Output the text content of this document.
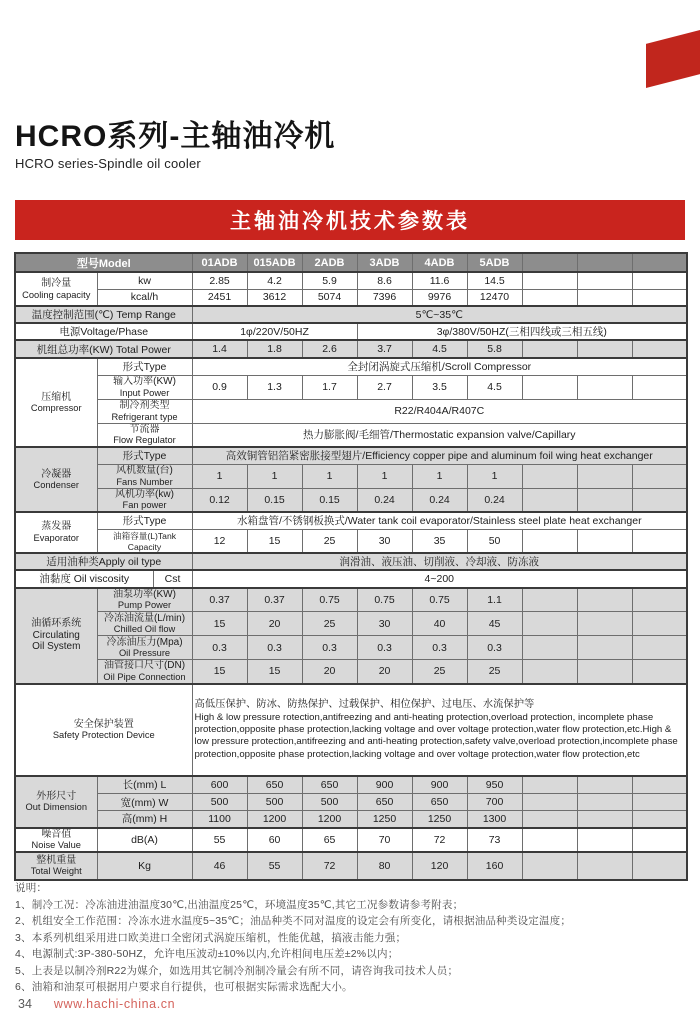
HCRO系列-主轴油冷机
HCRO series-Spindle oil cooler
主轴油冷机技术参数表
型号Model			01ADB	015ADB	2ADB	3ADB	4ADB	5ADB			

制冷量
Cooling capacity	kw		2.85	4.2	5.9	8.6	11.6	14.5			
	kcal/h		2451	3612	5074	7396	9976	12470			
温度控制范围(℃) Temp Range			5℃~35℃								
电源Voltage/Phase			1φ/220V/50HZ			3φ/380V/50HZ(三相四线或三相五线)					
机组总功率(KW) Total Power			1.4	1.8	2.6	3.7	4.5	5.8			

压缩机
Compressor	形式Type		全封闭涡旋式压缩机/Scroll Compressor								

	输入功率(KW)
Input Power		0.9	1.3	1.7	2.7	3.5	4.5			

	制冷剂类型
Refrigerant type		R22/R404A/R407C								

	节流器
Flow Regulator		热力膨胀阀/毛细管/Thermostatic expansion valve/Capillary								

冷凝器
Condenser	形式Type		高效铜管铝箔紧密胀接型翅片/Efficiency copper pipe and aluminum foil wing heat exchanger								

	风机数量(台)
Fans Number		1	1	1	1	1	1			

	风机功率(kw)
Fan power		0.12	0.15	0.15	0.24	0.24	0.24			

蒸发器
Evaporator	形式Type		水箱盘管/不锈钢板换式/Water tank coil evaporator/Stainless steel plate heat exchanger								
	油箱容量(L)Tank Capacity		12	15	25	30	35	50			
适用油种类Apply oil type			润滑油、液压油、切削液、冷却液、防冻液								
油黏度 Oil viscosity		Cst	4~200								

油循环系统
Circulating
Oil System	油泵功率(KW)
Pump Power		0.37	0.37	0.75	0.75	0.75	1.1			

	冷冻油流量(L/min)
Chilled Oil flow		15	20	25	30	40	45			

	冷冻油压力(Mpa)
Oil Pressure		0.3	0.3	0.3	0.3	0.3	0.3			

	油管接口尺寸(DN)
Oil Pipe Connection		15	15	20	20	25	25			

安全保护装置
Safety Protection Device			高低压保护、防冰、防热保护、过载保护、相位保护、过电压、水流保护等
High & low pressure rotection,antifreezing and anti-heating protection,overload protection, incomplete phase protection,opposite phase protection,lacking voltage and over voltage protection,water flow protection,etc.High & low pressure protection,antifreezing and anti-heating protection,safety valve,overload protection,incomplete phase protection,opposite phase protection,lacking voltage and over voltage protection,water flow protection,etc								

外形尺寸
Out Dimension	长(mm) L		600	650	650	900	900	950			
	宽(mm) W		500	500	500	650	650	700			
	高(mm) H		1100	1200	1200	1250	1250	1300			

噪音值
Noise Value	dB(A)		55	60	65	70	72	73			

整机重量
Total Weight	Kg		46	55	72	80	120	160			
说明：
1、制冷工况：冷冻油进油温度30℃,出油温度25℃，环境温度35℃,其它工况参数请参考附表；
2、机组安全工作范围：冷冻水进水温度5~35℃；油品种类不同对温度的设定会有所变化，请根据油品种类设定温度；
3、本系列机组采用进口欧美进口全密闭式涡旋压缩机，性能优越，搞液击能力强；
4、电源制式:3P-380-50HZ，允许电压波动±10%以内,允许相间电压差±2%以内；
5、上表是以制冷剂R22为媒介，如选用其它制冷剂制冷量会有所不同，请咨询我司技术人员；
6、油箱和油泵可根据用户要求自行提供，也可根据实际需求选配大小。
34 www.hachi-china.cn
